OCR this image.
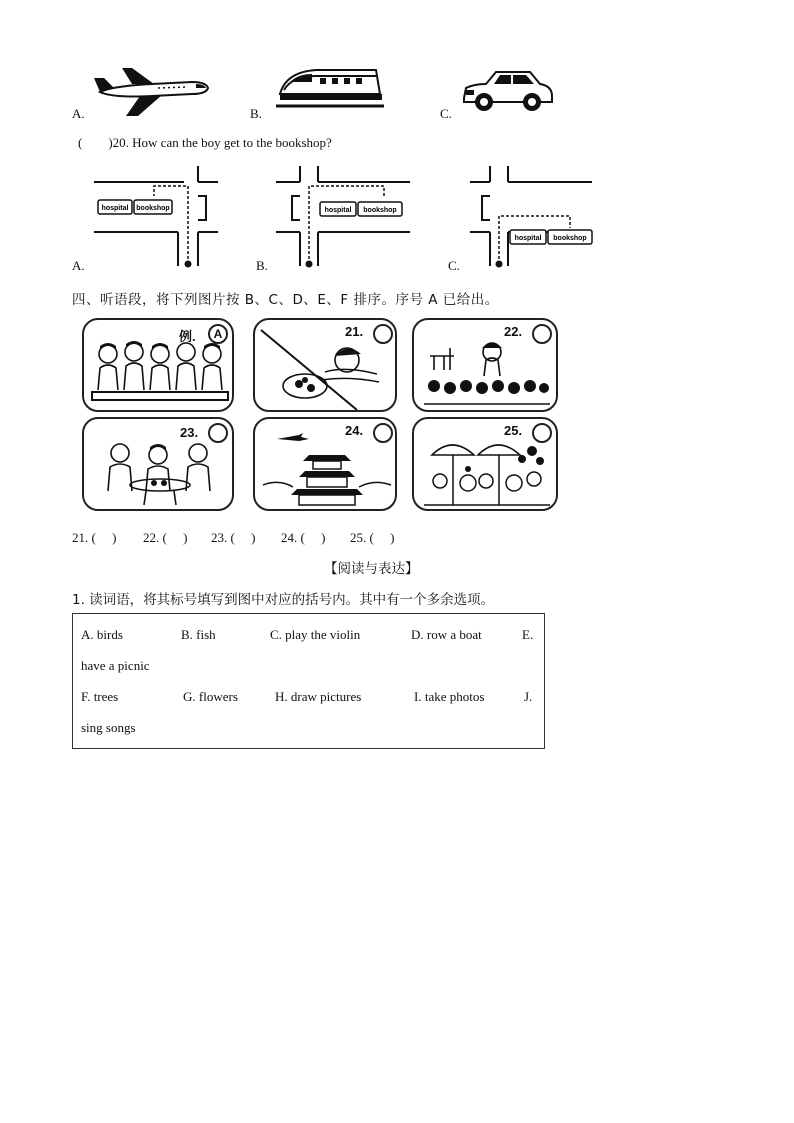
A.	B.	C.
(　　)20. How can the boy get to the bookshop?
hospital bookshop
A.
hospital bookshop
B.
hospital bookshop
C.
四、听语段，将下列图片按 B、C、D、E、F 排序。序号 A 已给出。
例.	A	21.	22.
23.	24.	25.
21. (　 ) 22. (　 ) 23. (　 ) 24. (　 ) 25. (　 )
【阅读与表达】
1. 读词语，将其标号填写到图中对应的括号内。其中有一个多余选项。
A. birds	B. fish	C. play the violin	D. row a boat	E.
have a picnic
F. trees	G. flowers	H. draw pictures	I. take photos	J.
sing songs
